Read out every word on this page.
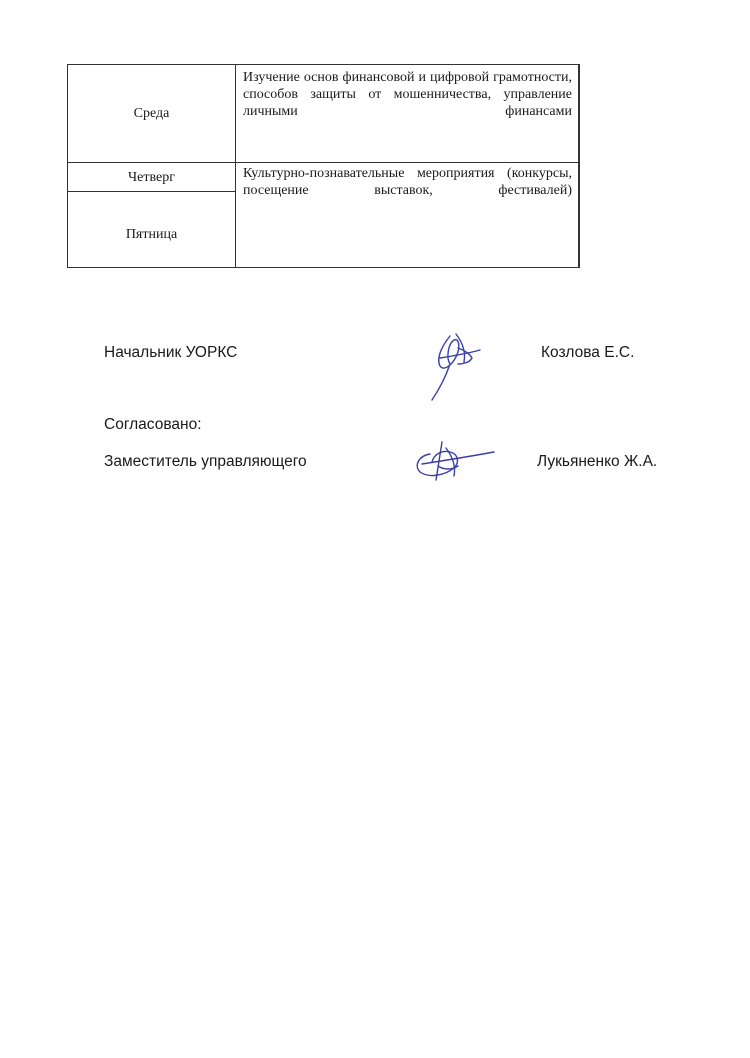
Среда	Изучение основ финансовой и цифровой грамотности, способов защиты от мошенничества, управление личными финансами	
Четверг	Культурно-познавательные мероприятия (конкурсы, посещение выставок, фестивалей)	
Пятница		
Начальник УОРКС	Козлова Е.С.
Согласовано:
Заместитель управляющего	Лукьяненко Ж.А.
